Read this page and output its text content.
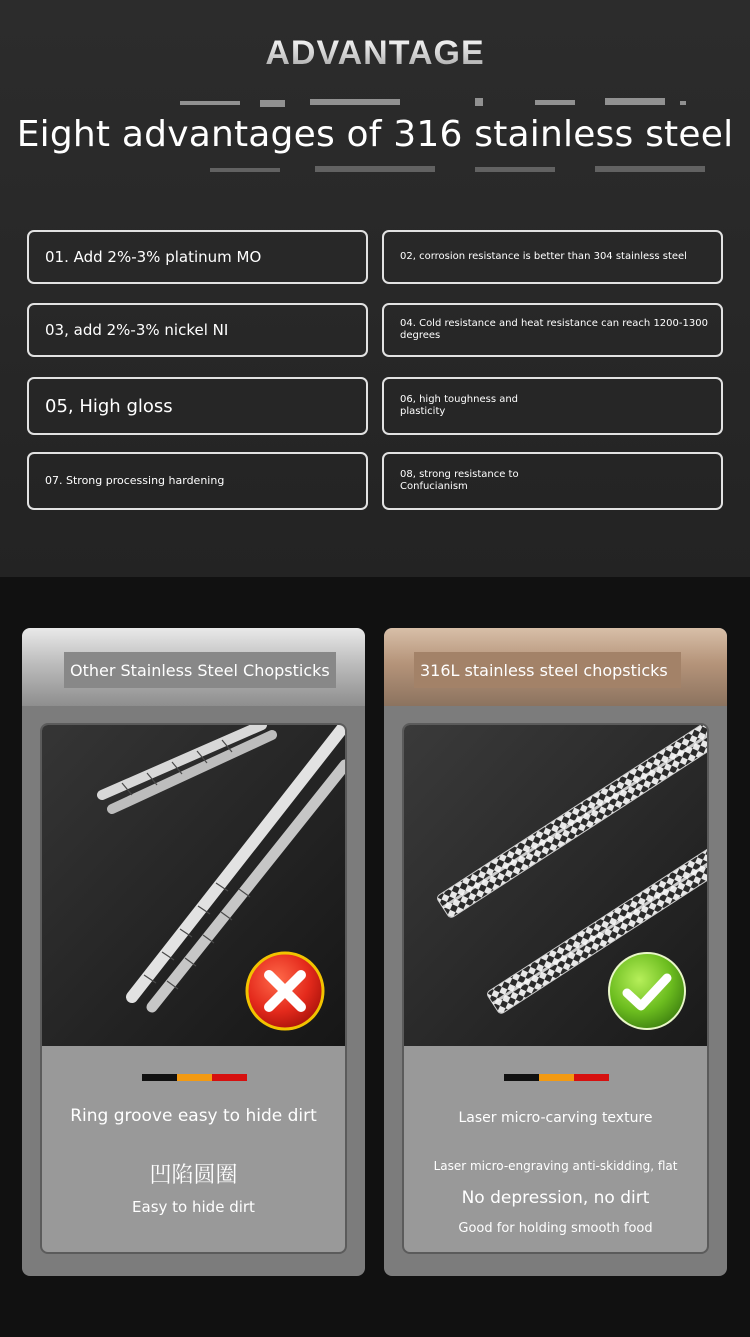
ADVANTAGE
Eight advantages of 316 stainless steel
01. Add 2%-3% platinum MO	02, corrosion resistance is better than 304 stainless steel
03, add 2%-3% nickel NI	04. Cold resistance and heat resistance can reach 1200-1300 degrees
05, High gloss	06, high toughness and plasticity
07. Strong processing hardening	08, strong resistance to Confucianism
Other Stainless Steel Chopsticks
Ring groove easy to hide dirt
凹陷圆圈
Easy to hide dirt
316L stainless steel chopsticks
Laser micro-carving texture
Laser micro-engraving anti-skidding, flat
No depression, no dirt
Good for holding smooth food
